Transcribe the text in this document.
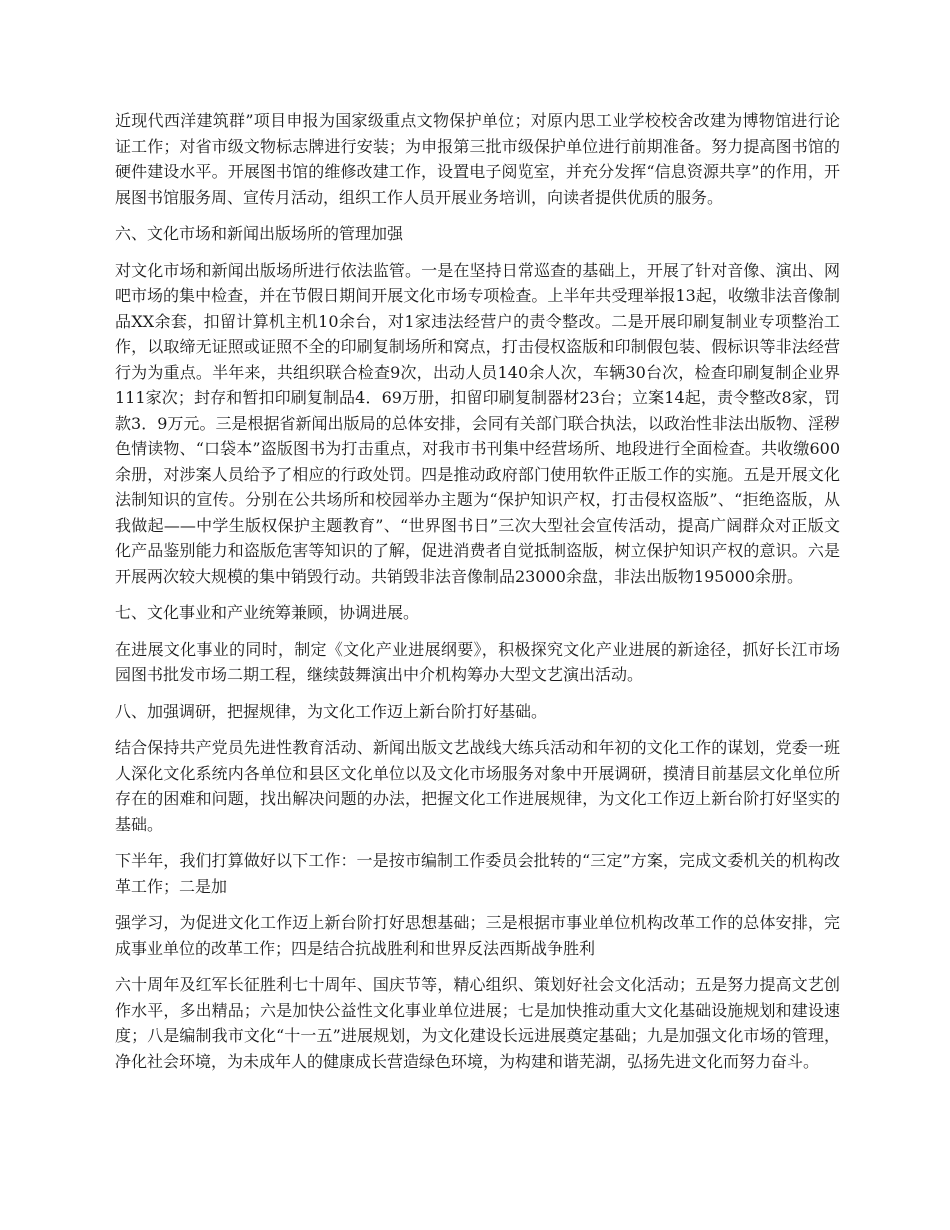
近现代西洋建筑群”项目申报为国家级重点文物保护单位；对原内思工业学校校舍改建为博物馆进行论证工作；对省市级文物标志牌进行安装；为申报第三批市级保护单位进行前期准备。努力提高图书馆的硬件建设水平。开展图书馆的维修改建工作，设置电子阅览室，并充分发挥“信息资源共享”的作用，开展图书馆服务周、宣传月活动，组织工作人员开展业务培训，向读者提供优质的服务。

六、文化市场和新闻出版场所的管理加强

对文化市场和新闻出版场所进行依法监管。一是在坚持日常巡查的基础上，开展了针对音像、演出、网吧市场的集中检查，并在节假日期间开展文化市场专项检查。上半年共受理举报13起，收缴非法音像制品XX余套，扣留计算机主机10余台，对1家违法经营户的责令整改。二是开展印刷复制业专项整治工作，以取缔无证照或证照不全的印刷复制场所和窝点，打击侵权盗版和印制假包装、假标识等非法经营行为为重点。半年来，共组织联合检查9次，出动人员140余人次，车辆30台次，检查印刷复制企业界111家次；封存和暂扣印刷复制品4．69万册，扣留印刷复制器材23台；立案14起，责令整改8家，罚款3．9万元。三是根据省新闻出版局的总体安排，会同有关部门联合执法，以政治性非法出版物、淫秽色情读物、“口袋本”盗版图书为打击重点，对我市书刊集中经营场所、地段进行全面检查。共收缴600余册，对涉案人员给予了相应的行政处罚。四是推动政府部门使用软件正版工作的实施。五是开展文化法制知识的宣传。分别在公共场所和校园举办主题为“保护知识产权，打击侵权盗版”、“拒绝盗版，从我做起——中学生版权保护主题教育”、“世界图书日”三次大型社会宣传活动，提高广阔群众对正版文化产品鉴别能力和盗版危害等知识的了解，促进消费者自觉抵制盗版，树立保护知识产权的意识。六是开展两次较大规模的集中销毁行动。共销毁非法音像制品23000余盘，非法出版物195000余册。

七、文化事业和产业统筹兼顾，协调进展。

在进展文化事业的同时，制定《文化产业进展纲要》，积极探究文化产业进展的新途径，抓好长江市场园图书批发市场二期工程，继续鼓舞演出中介机构筹办大型文艺演出活动。

八、加强调研，把握规律，为文化工作迈上新台阶打好基础。

结合保持共产党员先进性教育活动、新闻出版文艺战线大练兵活动和年初的文化工作的谋划，党委一班人深化文化系统内各单位和县区文化单位以及文化市场服务对象中开展调研，摸清目前基层文化单位所存在的困难和问题，找出解决问题的办法，把握文化工作进展规律，为文化工作迈上新台阶打好坚实的基础。

下半年，我们打算做好以下工作：一是按市编制工作委员会批转的“三定”方案，完成文委机关的机构改革工作；二是加

强学习，为促进文化工作迈上新台阶打好思想基础；三是根据市事业单位机构改革工作的总体安排，完成事业单位的改革工作；四是结合抗战胜利和世界反法西斯战争胜利

六十周年及红军长征胜利七十周年、国庆节等，精心组织、策划好社会文化活动；五是努力提高文艺创作水平，多出精品；六是加快公益性文化事业单位进展；七是加快推动重大文化基础设施规划和建设速度；八是编制我市文化“十一五”进展规划，为文化建设长远进展奠定基础；九是加强文化市场的管理，净化社会环境，为未成年人的健康成长营造绿色环境，为构建和谐芜湖，弘扬先进文化而努力奋斗。
